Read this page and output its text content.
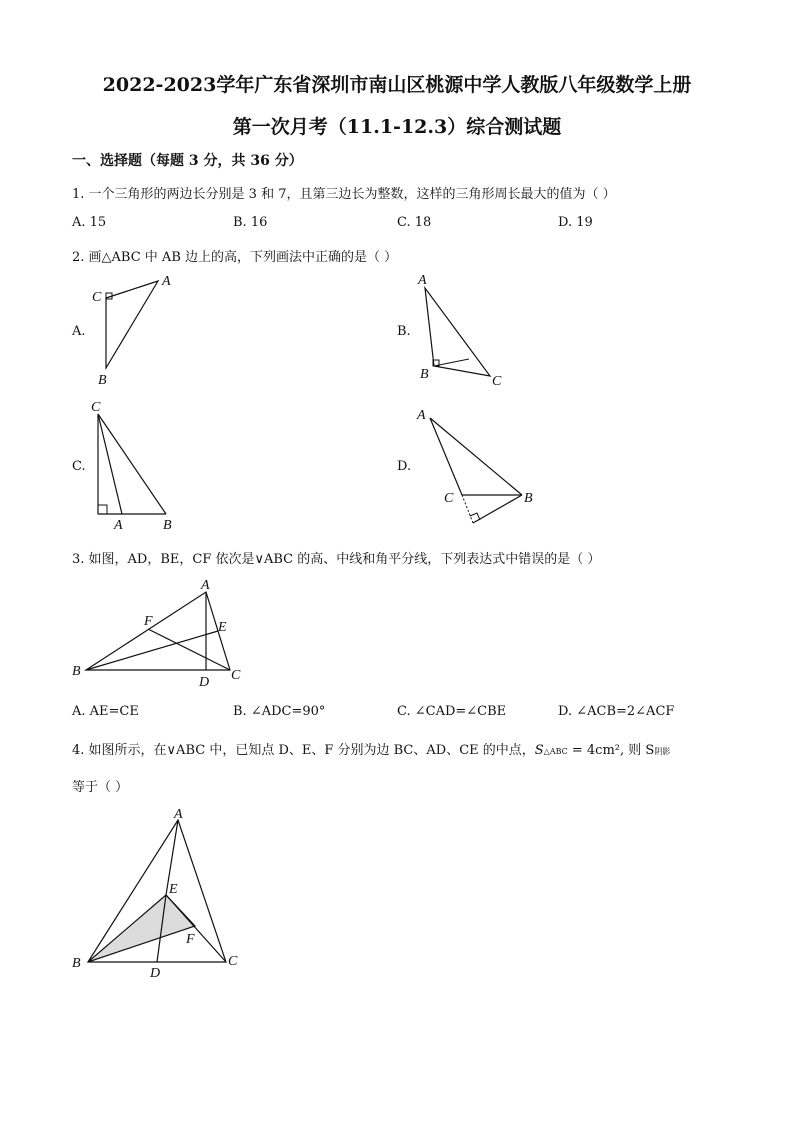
2022-2023学年广东省深圳市南山区桃源中学人教版八年级数学上册
第一次月考（11.1-12.3）综合测试题
一、选择题（每题 3 分，共 36 分）
1. 一个三角形的两边长分别是 3 和 7，且第三边长为整数，这样的三角形周长最大的值为（ ）
A. 15	B. 16	C. 18	D. 19
2. 画△ABC 中 AB 边上的高，下列画法中正确的是（ ）
A.
A
C
B
B.
A
B	C
C.
C
A	B
D.
A
C	B
3. 如图，AD，BE，CF 依次是∨ABC 的高、中线和角平分线，下列表达式中错误的是（ ）
A
B	C
D
E
F
A. AE=CE	B. ∠ADC=90°	C. ∠CAD=∠CBE	D. ∠ACB=2∠ACF
4. 如图所示，在∨ABC 中，已知点 D、E、F 分别为边 BC、AD、CE 的中点，S△ABC = 4cm², 则 S阴影
等于（ ）
A
B	C
D
E
F
